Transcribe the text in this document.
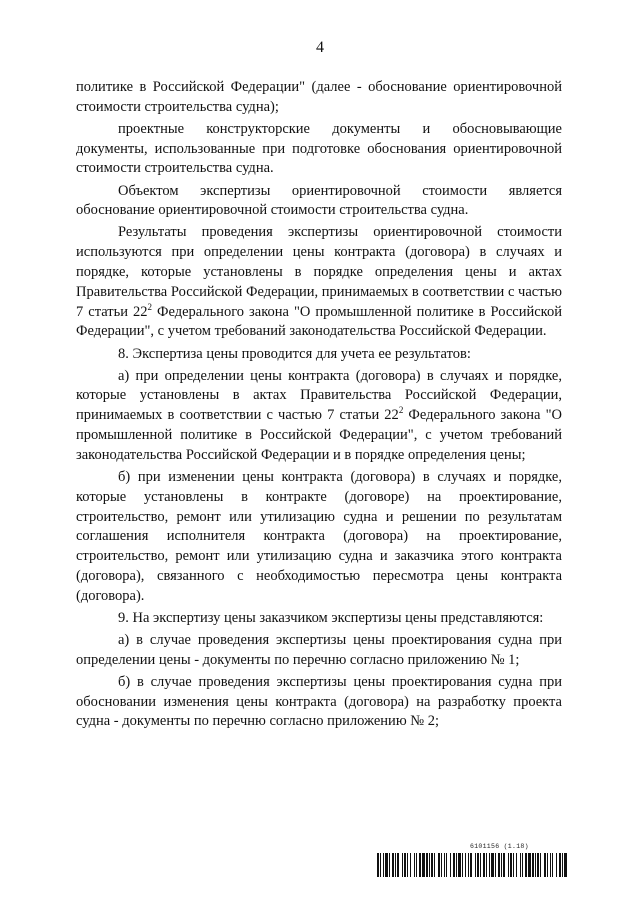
4

политике в Российской Федерации" (далее - обоснование ориентировочной стоимости строительства судна);

проектные конструкторские документы и обосновывающие документы, использованные при подготовке обоснования ориентировочной стоимости строительства судна.

Объектом экспертизы ориентировочной стоимости является обоснование ориентировочной стоимости строительства судна.

Результаты проведения экспертизы ориентировочной стоимости используются при определении цены контракта (договора) в случаях и порядке, которые установлены в порядке определения цены и актах Правительства Российской Федерации, принимаемых в соответствии с частью 7 статьи $22^2$ Федерального закона "О промышленной политике в Российской Федерации", с учетом требований законодательства Российской Федерации.

8. Экспертиза цены проводится для учета ее результатов:

а) при определении цены контракта (договора) в случаях и порядке, которые установлены в актах Правительства Российской Федерации, принимаемых в соответствии с частью 7 статьи $22^2$ Федерального закона "О промышленной политике в Российской Федерации", с учетом требований законодательства Российской Федерации и в порядке определения цены;

б) при изменении цены контракта (договора) в случаях и порядке, которые установлены в контракте (договоре) на проектирование, строительство, ремонт или утилизацию судна и решении по результатам соглашения исполнителя контракта (договора) на проектирование, строительство, ремонт или утилизацию судна и заказчика этого контракта (договора), связанного с необходимостью пересмотра цены контракта (договора).

9. На экспертизу цены заказчиком экспертизы цены представляются:

а) в случае проведения экспертизы цены проектирования судна при определении цены - документы по перечню согласно приложению № 1;

б) в случае проведения экспертизы цены проектирования судна при обосновании изменения цены контракта (договора) на разработку проекта судна - документы по перечню согласно приложению № 2;

6101156 (1.18)
